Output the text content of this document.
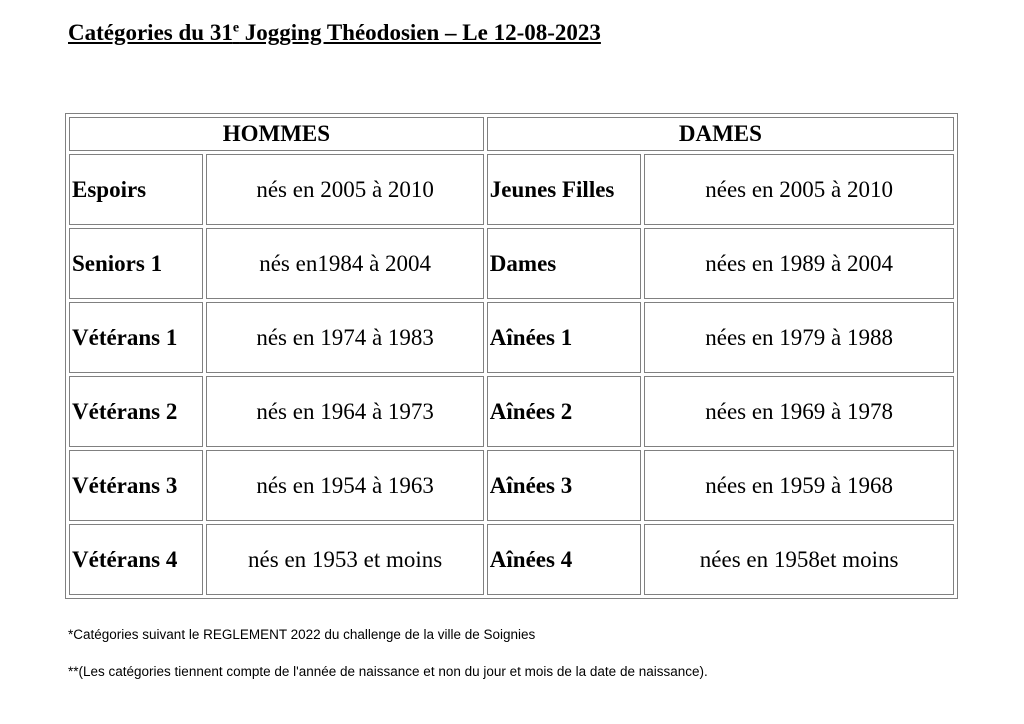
Catégories du 31e Jogging Théodosien – Le 12-08-2023
HOMMES		DAMES	
Espoirs	nés en 2005 à 2010	Jeunes Filles	nées en 2005 à 2010
Seniors 1	nés en1984 à 2004	Dames	nées en 1989 à 2004
Vétérans 1	nés en 1974 à 1983	Aînées 1	nées en 1979 à 1988
Vétérans 2	nés en 1964 à 1973	Aînées 2	nées en 1969 à 1978
Vétérans 3	nés en 1954 à 1963	Aînées 3	nées en 1959 à 1968
Vétérans 4	nés en 1953 et moins	Aînées 4	nées en 1958et moins
*Catégories suivant le REGLEMENT 2022 du challenge de la ville de Soignies
**(Les catégories tiennent compte de l'année de naissance et non du jour et mois de la date de naissance).
